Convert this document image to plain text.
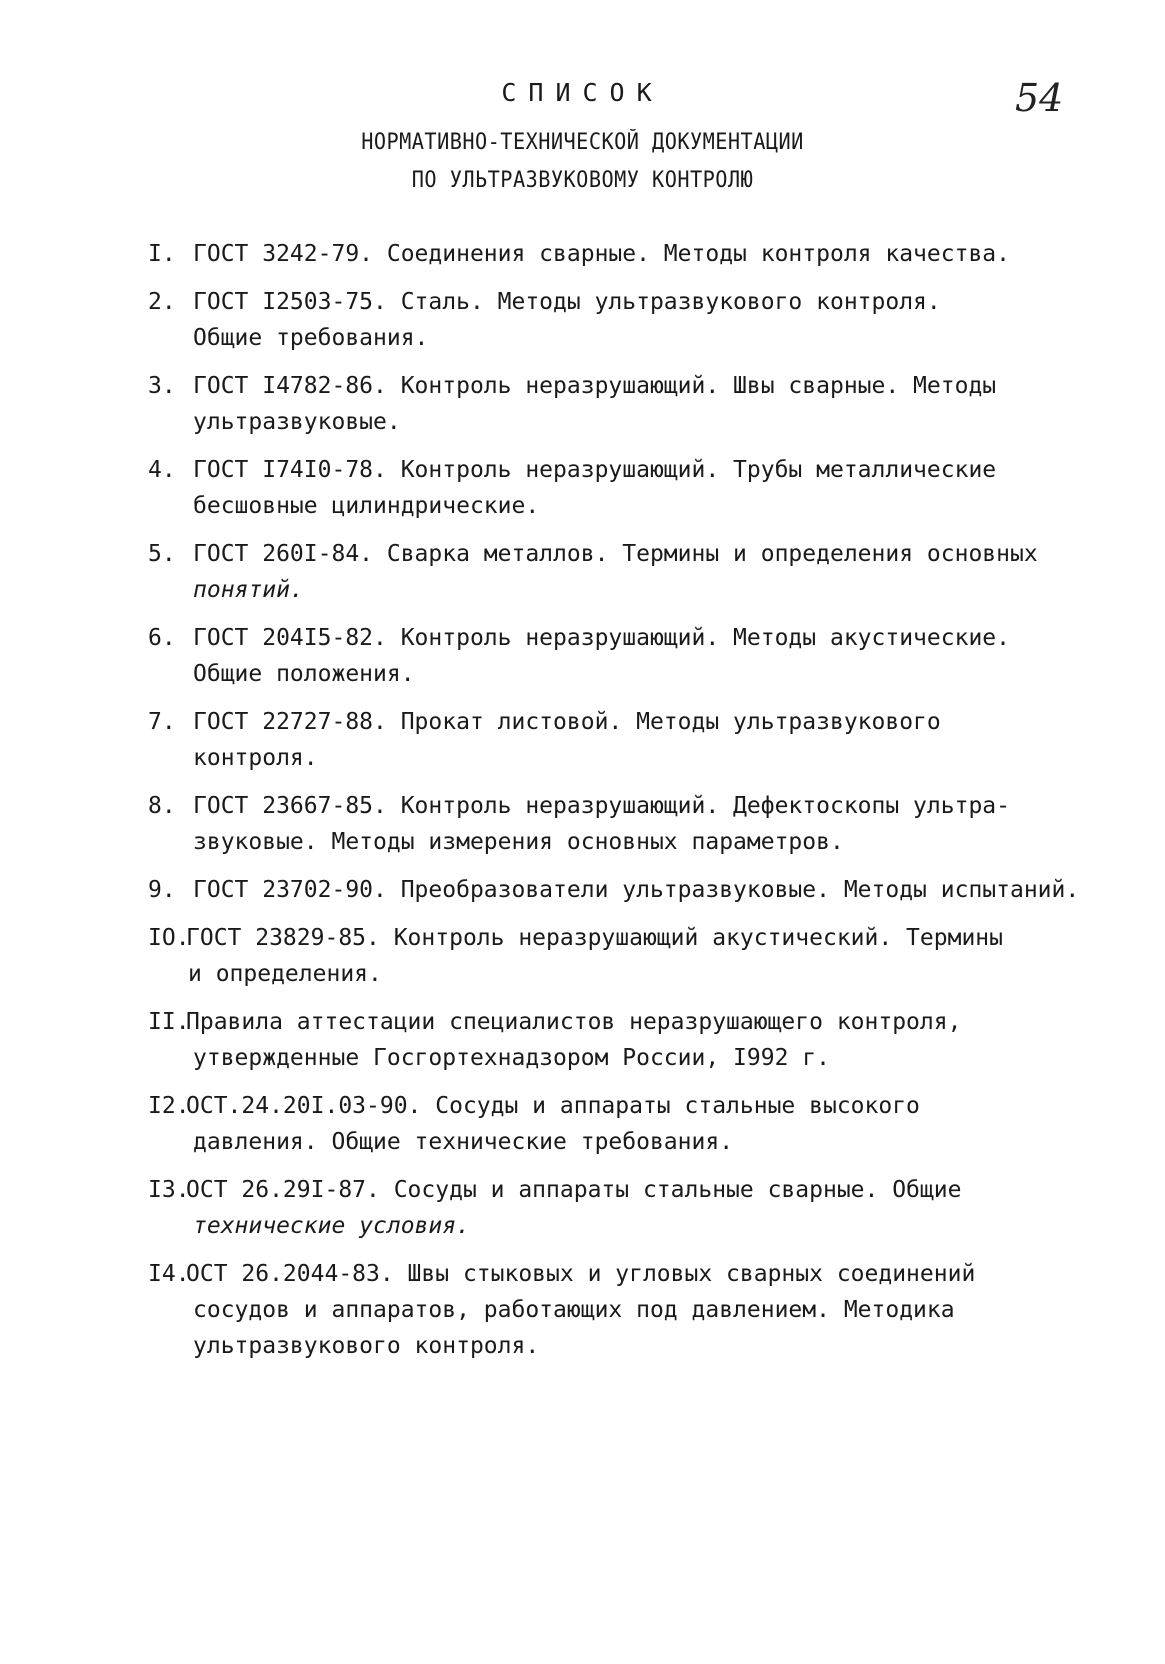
54
СПИСОК
НОРМАТИВНО-ТЕХНИЧЕСКОЙ ДОКУМЕНТАЦИИ
ПО УЛЬТРАЗВУКОВОМУ КОНТРОЛЮ
I. ГОСТ 3242-79. Соединения сварные. Методы контроля качества.
2. ГОСТ I2503-75. Сталь. Методы ультразвукового контроля.
Общие требования.
3. ГОСТ I4782-86. Контроль неразрушающий. Швы сварные. Методы
ультразвуковые.
4. ГОСТ I74I0-78. Контроль неразрушающий. Трубы металлические
бесшовные цилиндрические.
5. ГОСТ 260I-84. Сварка металлов. Термины и определения основных
понятий.
6. ГОСТ 204I5-82. Контроль неразрушающий. Методы акустические.
Общие положения.
7. ГОСТ 22727-88. Прокат листовой. Методы ультразвукового
контроля.
8. ГОСТ 23667-85. Контроль неразрушающий. Дефектоскопы ультра-
звуковые. Методы измерения основных параметров.
9. ГОСТ 23702-90. Преобразователи ультразвуковые. Методы испытаний.
IO.ГОСТ 23829-85. Контроль неразрушающий акустический. Термины
и определения.
II.Правила аттестации специалистов неразрушающего контроля,
утвержденные Госгортехнадзором России, I992 г.
I2.ОСТ.24.20I.03-90. Сосуды и аппараты стальные высокого
давления. Общие технические требования.
I3.ОСТ 26.29I-87. Сосуды и аппараты стальные сварные. Общие
технические условия.
I4.ОСТ 26.2044-83. Швы стыковых и угловых сварных соединений
сосудов и аппаратов, работающих под давлением. Методика
ультразвукового контроля.
